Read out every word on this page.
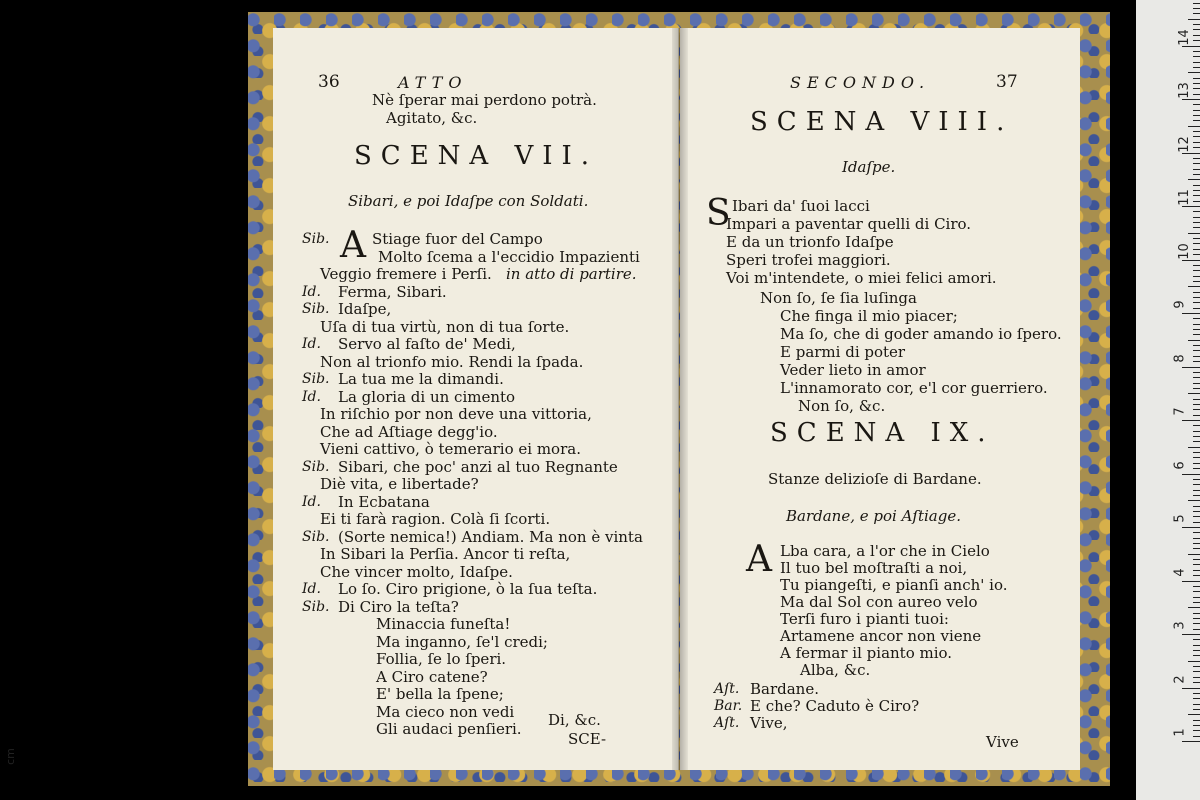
36	ATTO
Nè ſperar mai perdono potrà.
Agitato, &c.
SCENA VII.
Sibari, e poi Idaſpe con Soldati.
A
Di, &c.
SCE-
SECONDO.	37
SCENA VIII.
Idaſpe.
S
SCENA IX.
Stanze delizioſe di Bardane.
Bardane, e poi Aſtiage.
A
Vive
cm
Sib.	Stiage fuor del Campo
Molto ſcema a l'eccidio Impazienti
Veggio fremere i Perſi. in atto di partire.
Id. Ferma, Sibari.
Sib. Idaſpe,
Uſa di tua virtù, non di tua ſorte.
Id. Servo al faſto de' Medi,
Non al trionfo mio. Rendi la ſpada.
Sib. La tua me la dimandi.
Id. La gloria di un cimento
In riſchio por non deve una vittoria,
Che ad Aſtiage degg'io.
Vieni cattivo, ò temerario ei mora.
Sib. Sibari, che poc' anzi al tuo Regnante
Diè vita, e libertade?
Id. In Ecbatana
Ei ti farà ragion. Colà ſi ſcorti.
Sib. (Sorte nemica!) Andiam. Ma non è vinta
In Sibari la Perſia. Ancor ti reſta,
Che vincer molto, Idaſpe.
Id. Lo ſo. Ciro prigione, ò la ſua teſta.
Sib. Di Ciro la teſta?
Minaccia funeſta!
Ma inganno, ſe'l credi;
Follia, ſe lo ſperi.
A Ciro catene?
E' bella la ſpene;
Ma cieco non vedi
Gli audaci penſieri.
Ibari da' ſuoi lacci
Impari a paventar quelli di Ciro.
E da un trionfo Idaſpe
Speri trofei maggiori.
Voi m'intendete, o miei felici amori.
Non ſo, ſe ſia luſinga
Che finga il mio piacer;
Ma ſo, che di goder amando io ſpero.
E parmi di poter
Veder lieto in amor
L'innamorato cor, e'l cor guerriero.
Non ſo, &c.
Lba cara, a l'or che in Cielo
Il tuo bel moſtraſti a noi,
Tu piangeſti, e pianſi anch' io.
Ma dal Sol con aureo velo
Terſi furo i pianti tuoi:
Artamene ancor non viene
A fermar il pianto mio.
Alba, &c.
Aſt. Bardane.
Bar. E che? Caduto è Ciro?
Aſt. Vive,
1
2
3
4
5
6
7
8
9
10
11
12
13
14
